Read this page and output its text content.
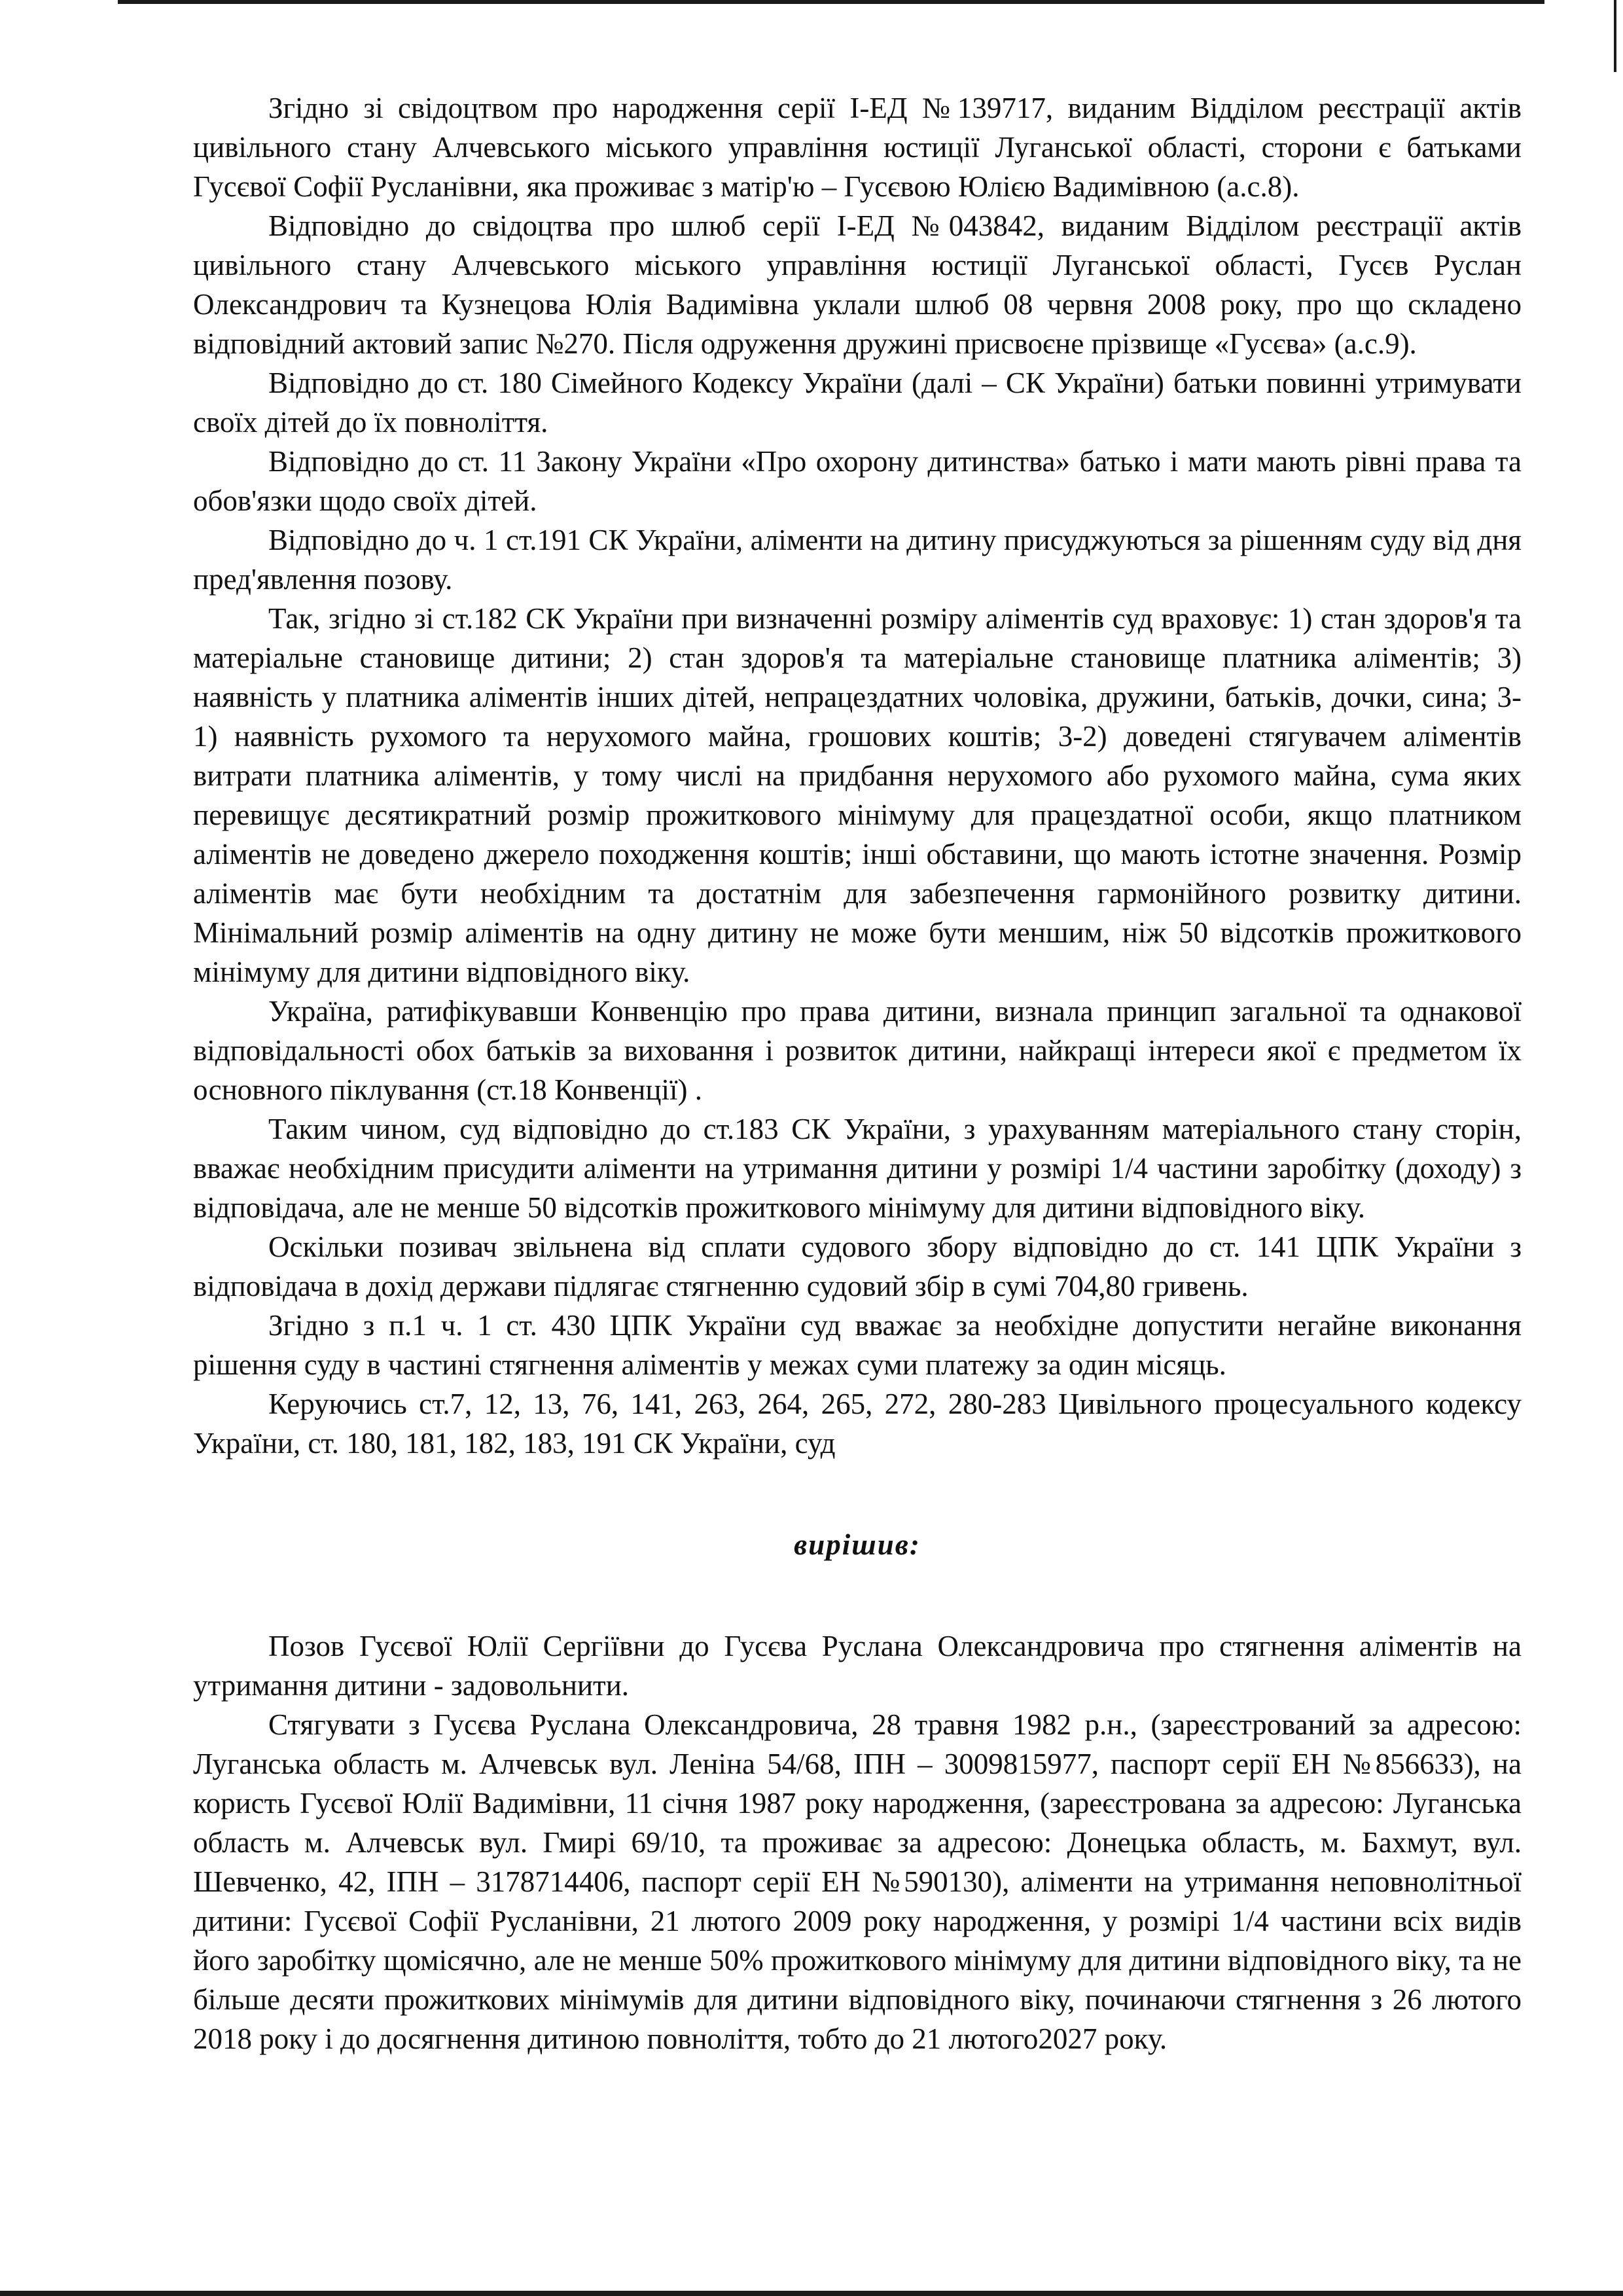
Згідно зі свідоцтвом про народження серії І-ЕД №139717, виданим Відділом реєстрації актів цивільного стану Алчевського міського управління юстиції Луганської області, сторони є батьками Гусєвої Софії Русланівни, яка проживає з матір'ю – Гусєвою Юлією Вадимівною (а.с.8).

Відповідно до свідоцтва про шлюб серії І-ЕД №043842, виданим Відділом реєстрації актів цивільного стану Алчевського міського управління юстиції Луганської області, Гусєв Руслан Олександрович та Кузнецова Юлія Вадимівна уклали шлюб 08 червня 2008 року, про що складено відповідний актовий запис №270. Після одруження дружині присвоєне прізвище «Гусєва» (а.с.9).

Відповідно до ст. 180 Сімейного Кодексу України (далі – СК України) батьки повинні утримувати своїх дітей до їх повноліття.

Відповідно до ст. 11 Закону України «Про охорону дитинства» батько і мати мають рівні права та обов'язки щодо своїх дітей.

Відповідно до ч. 1 ст.191 СК України, аліменти на дитину присуджуються за рішенням суду від дня пред'явлення позову.

Так, згідно зі ст.182 СК України при визначенні розміру аліментів суд враховує: 1) стан здоров'я та матеріальне становище дитини; 2) стан здоров'я та матеріальне становище платника аліментів; 3) наявність у платника аліментів інших дітей, непрацездатних чоловіка, дружини, батьків, дочки, сина; 3-1) наявність рухомого та нерухомого майна, грошових коштів; 3-2) доведені стягувачем аліментів витрати платника аліментів, у тому числі на придбання нерухомого або рухомого майна, сума яких перевищує десятикратний розмір прожиткового мінімуму для працездатної особи, якщо платником аліментів не доведено джерело походження коштів; інші обставини, що мають істотне значення. Розмір аліментів має бути необхідним та достатнім для забезпечення гармонійного розвитку дитини. Мінімальний розмір аліментів на одну дитину не може бути меншим, ніж 50 відсотків прожиткового мінімуму для дитини відповідного віку.

Україна, ратифікувавши Конвенцію про права дитини, визнала принцип загальної та однакової відповідальності обох батьків за виховання і розвиток дитини, найкращі інтереси якої є предметом їх основного піклування (ст.18 Конвенції) .

Таким чином, суд відповідно до ст.183 СК України, з урахуванням матеріального стану сторін, вважає необхідним присудити аліменти на утримання дитини у розмірі 1/4 частини заробітку (доходу) з відповідача, але не менше 50 відсотків прожиткового мінімуму для дитини відповідного віку.

Оскільки позивач звільнена від сплати судового збору відповідно до ст. 141 ЦПК України з відповідача в дохід держави підлягає стягненню судовий збір в сумі 704,80 гривень.

Згідно з п.1 ч. 1 ст. 430 ЦПК України суд вважає за необхідне допустити негайне виконання рішення суду в частині стягнення аліментів у межах суми платежу за один місяць.

Керуючись ст.7, 12, 13, 76, 141, 263, 264, 265, 272, 280-283 Цивільного процесуального кодексу України, ст. 180, 181, 182, 183, 191 СК України, суд

вирішив:

Позов Гусєвої Юлії Сергіївни до Гусєва Руслана Олександровича про стягнення аліментів на утримання дитини - задовольнити.

Стягувати з Гусєва Руслана Олександровича, 28 травня 1982 р.н., (зареєстрований за адресою: Луганська область м. Алчевськ вул. Леніна 54/68, ІПН – 3009815977, паспорт серії ЕН №856633), на користь Гусєвої Юлії Вадимівни, 11 січня 1987 року народження, (зареєстрована за адресою: Луганська область м. Алчевськ вул. Гмирі 69/10, та проживає за адресою: Донецька область, м. Бахмут, вул. Шевченко, 42, ІПН – 3178714406, паспорт серії ЕН №590130), аліменти на утримання неповнолітньої дитини: Гусєвої Софії Русланівни, 21 лютого 2009 року народження, у розмірі 1/4 частини всіх видів його заробітку щомісячно, але не менше 50% прожиткового мінімуму для дитини відповідного віку, та не більше десяти прожиткових мінімумів для дитини відповідного віку, починаючи стягнення з 26 лютого 2018 року і до досягнення дитиною повноліття, тобто до 21 лютого2027 року.
